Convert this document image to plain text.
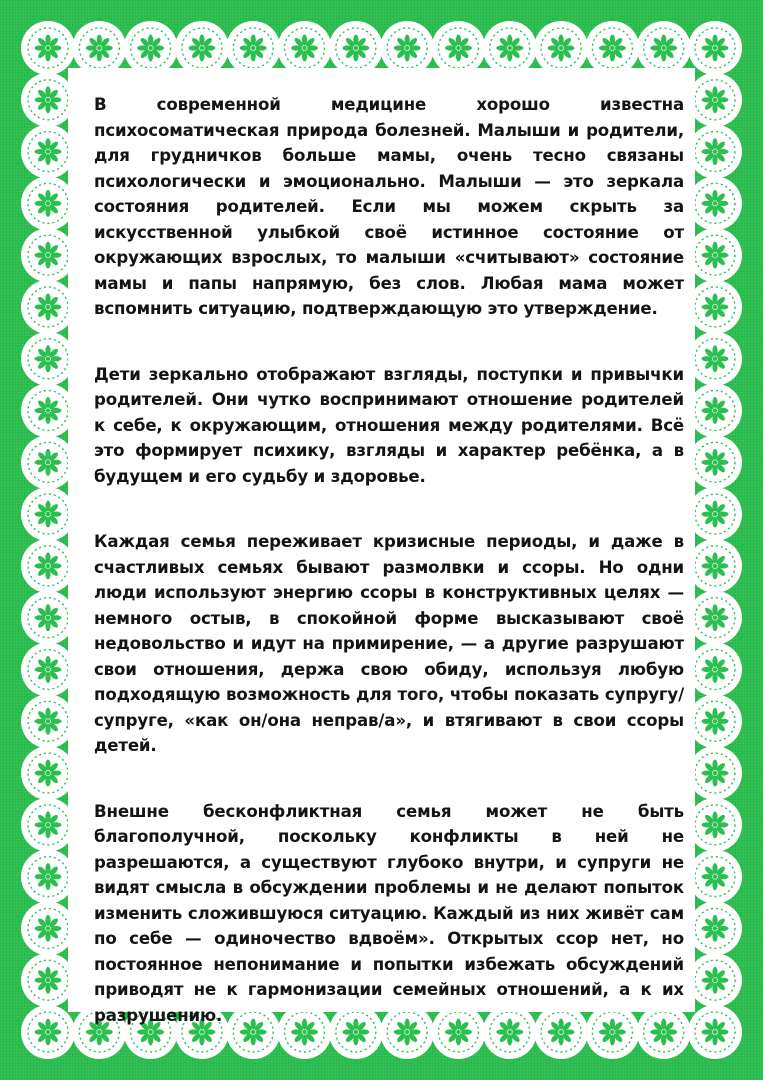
В современной медицине хорошо известна психосоматическая природа болезней. Малыши и родители, для грудничков больше мамы, очень тесно связаны психологически и эмоционально. Малыши — это зеркала состояния родителей. Если мы можем скрыть за искусственной улыбкой своё истинное состояние от окружающих взрослых, то малыши «считывают» состояние мамы и папы напрямую, без слов. Любая мама может вспомнить ситуацию, подтверждающую это утверждение.

Дети зеркально отображают взгляды, поступки и привычки родителей. Они чутко воспринимают отношение родителей к себе, к окружающим, отношения между родителями. Всё это формирует психику, взгляды и характер ребёнка, а в будущем и его судьбу и здоровье.

Каждая семья переживает кризисные периоды, и даже в счастливых семьях бывают размолвки и ссоры. Но одни люди используют энергию ссоры в конструктивных целях — немного остыв, в спокойной форме высказывают своё недовольство и идут на примирение, — а другие разрушают свои отношения, держа свою обиду, используя любую подходящую возможность для того, чтобы показать супругу/супруге, «как он/она неправ/а», и втягивают в свои ссоры детей.

Внешне бесконфликтная семья может не быть благополучной, поскольку конфликты в ней не разрешаются, а существуют глубоко внутри, и супруги не видят смысла в обсуждении проблемы и не делают попыток изменить сложившуюся ситуацию. Каждый из них живёт сам по себе — одиночество вдвоём». Открытых ссор нет, но постоянное непонимание и попытки избежать обсуждений приводят не к гармонизации семейных отношений, а к их разрушению.
